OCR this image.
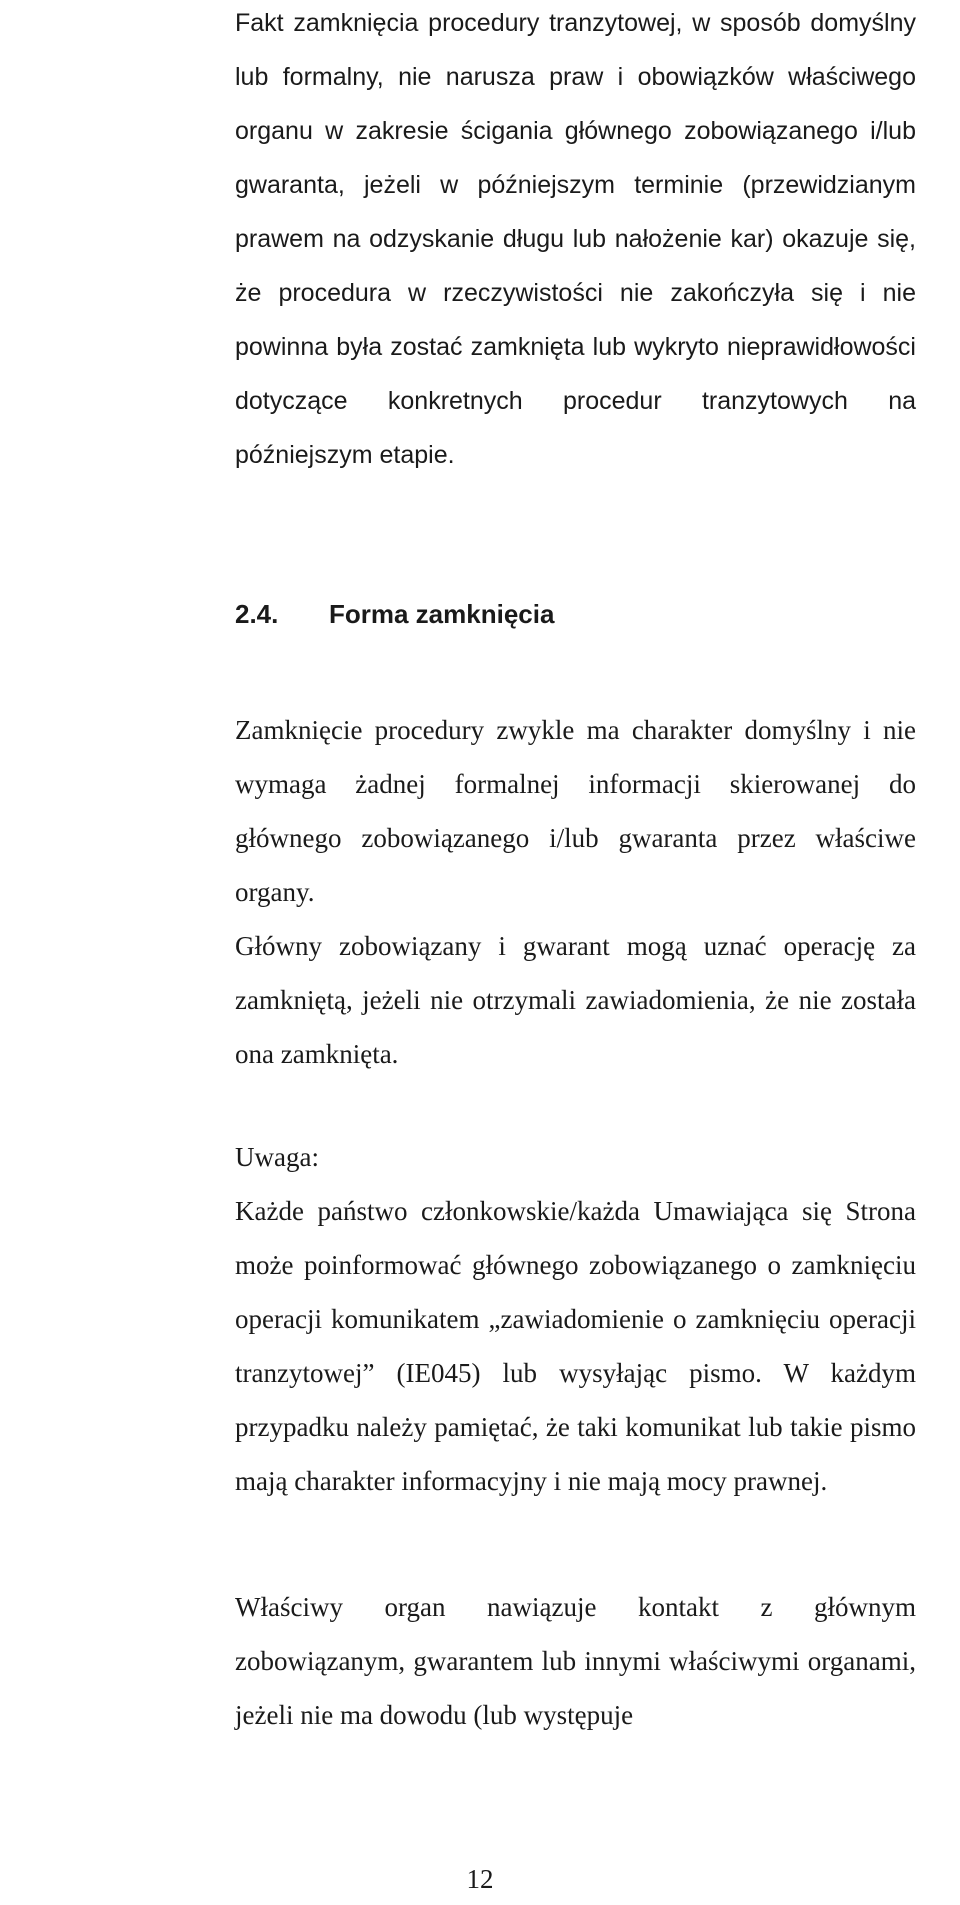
Fakt zamknięcia procedury tranzytowej, w sposób domyślny lub formalny, nie narusza praw i obowiązków właściwego organu w zakresie ścigania głównego zobowiązanego i/lub gwaranta, jeżeli w późniejszym terminie (przewidzianym prawem na odzyskanie długu lub nałożenie kar) okazuje się, że procedura w rzeczywistości nie zakończyła się i nie powinna była zostać zamknięta lub wykryto nieprawidłowości dotyczące konkretnych procedur tranzytowych na późniejszym etapie.

2.4. Forma zamknięcia

Zamknięcie procedury zwykle ma charakter domyślny i nie wymaga żadnej formalnej informacji skierowanej do głównego zobowiązanego i/lub gwaranta przez właściwe organy.

Główny zobowiązany i gwarant mogą uznać operację za zamkniętą, jeżeli nie otrzymali zawiadomienia, że nie została ona zamknięta.

Uwaga:

Każde państwo członkowskie/każda Umawiająca się Strona może poinformować głównego zobowiązanego o zamknięciu operacji komunikatem „zawiadomienie o zamknięciu operacji tranzytowej” (IE045) lub wysyłając pismo. W każdym przypadku należy pamiętać, że taki komunikat lub takie pismo mają charakter informacyjny i nie mają mocy prawnej.

Właściwy organ nawiązuje kontakt z głównym zobowiązanym, gwarantem lub innymi właściwymi organami, jeżeli nie ma dowodu (lub występuje

12
